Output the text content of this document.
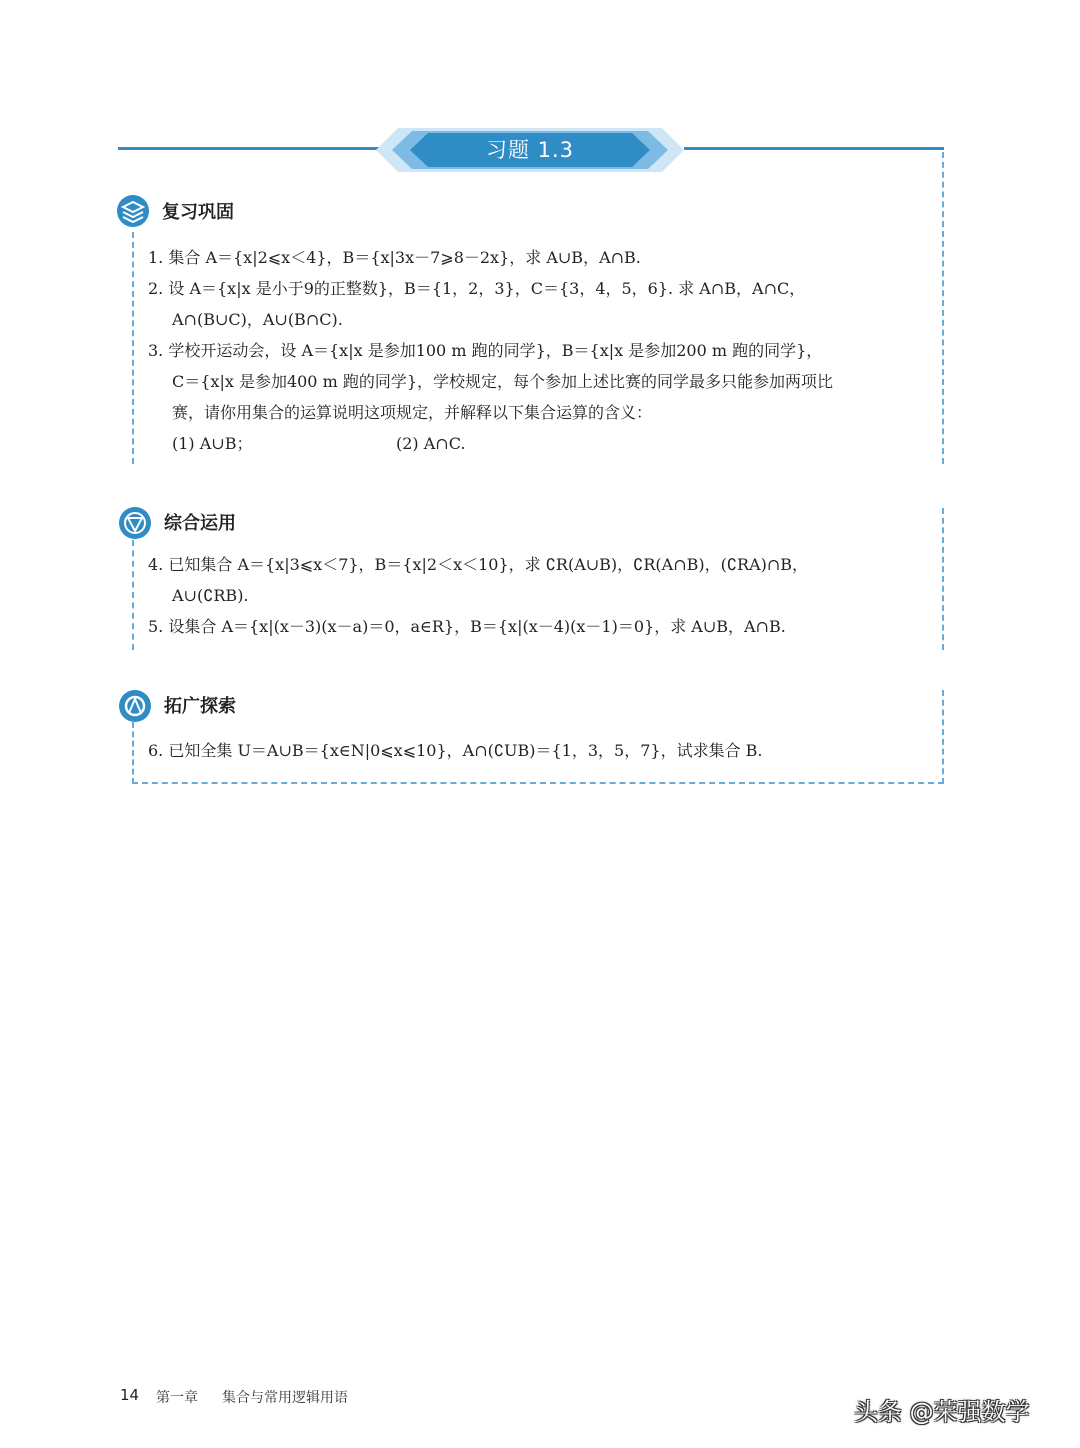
习题 1.3
复习巩固
1. 集合 A＝{x|2⩽x＜4}，B＝{x|3x－7⩾8－2x}，求 A∪B，A∩B.
2. 设 A＝{x|x 是小于9的正整数}，B＝{1，2，3}，C＝{3，4，5，6}. 求 A∩B，A∩C，
A∩(B∪C)，A∪(B∩C).
3. 学校开运动会，设 A＝{x|x 是参加100 m 跑的同学}，B＝{x|x 是参加200 m 跑的同学}，
C＝{x|x 是参加400 m 跑的同学}，学校规定，每个参加上述比赛的同学最多只能参加两项比
赛，请你用集合的运算说明这项规定，并解释以下集合运算的含义：
(1) A∪B；	(2) A∩C.
综合运用
4. 已知集合 A＝{x|3⩽x＜7}，B＝{x|2＜x＜10}，求 ∁R(A∪B)，∁R(A∩B)，(∁RA)∩B，
A∪(∁RB).
5. 设集合 A＝{x|(x－3)(x－a)＝0，a∈R}，B＝{x|(x－4)(x－1)＝0}，求 A∪B，A∩B.
拓广探索
6. 已知全集 U＝A∪B＝{x∈N|0⩽x⩽10}，A∩(∁UB)＝{1，3，5，7}，试求集合 B.
14 第一章 集合与常用逻辑用语	头条 @荣强数学
